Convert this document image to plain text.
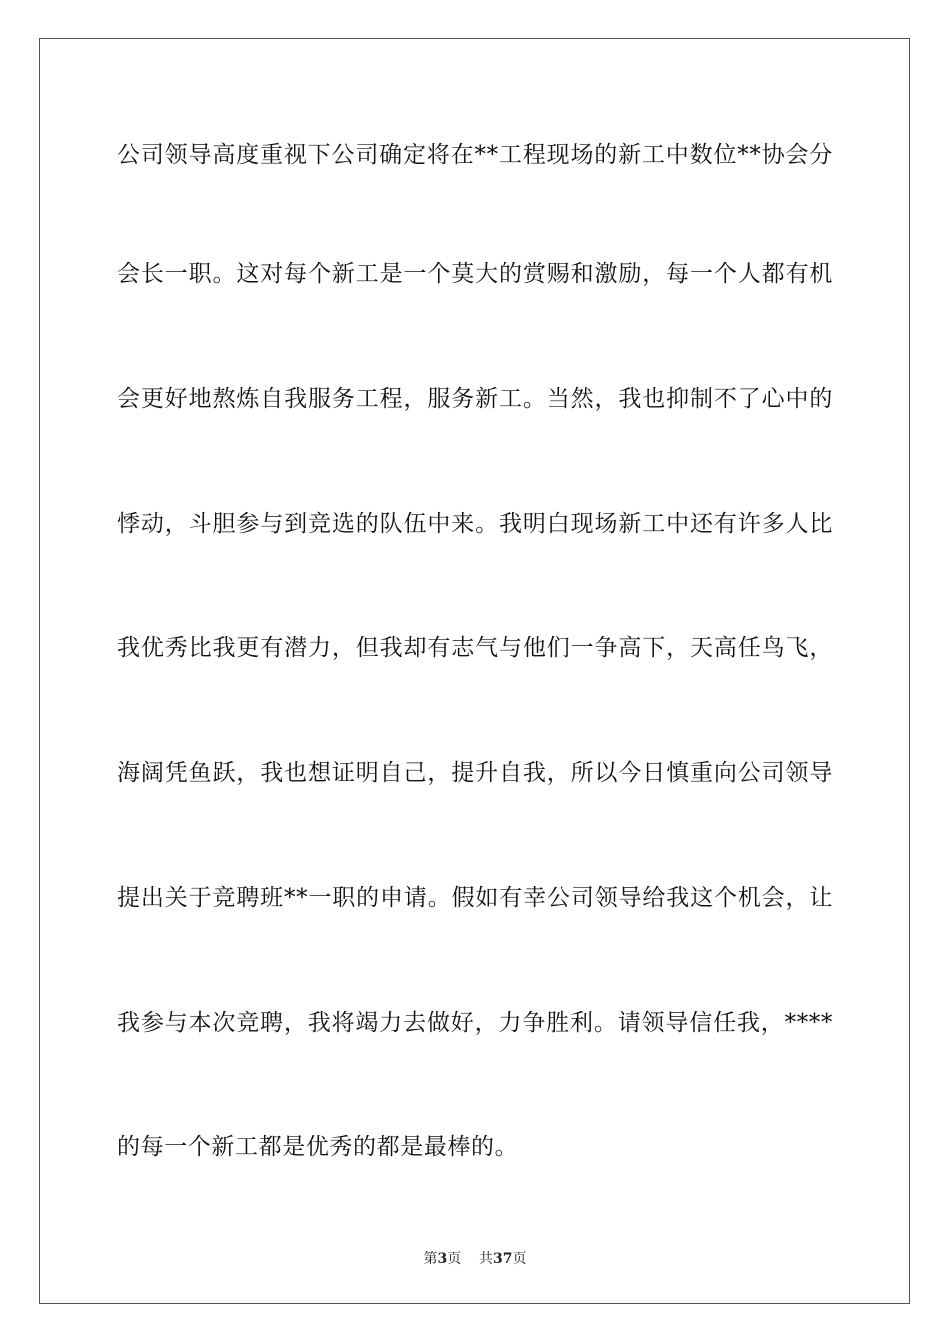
公司领导高度重视下公司确定将在**工程现场的新工中数位**协会分
会长一职。这对每个新工是一个莫大的赏赐和激励，每一个人都有机
会更好地熬炼自我服务工程，服务新工。当然，我也抑制不了心中的
悸动，斗胆参与到竞选的队伍中来。我明白现场新工中还有许多人比
我优秀比我更有潜力，但我却有志气与他们一争高下，天高任鸟飞，
海阔凭鱼跃，我也想证明自己，提升自我，所以今日慎重向公司领导
提出关于竞聘班**一职的申请。假如有幸公司领导给我这个机会，让
我参与本次竞聘，我将竭力去做好，力争胜利。请领导信任我，****
的每一个新工都是优秀的都是最棒的。
第3页 共37页
